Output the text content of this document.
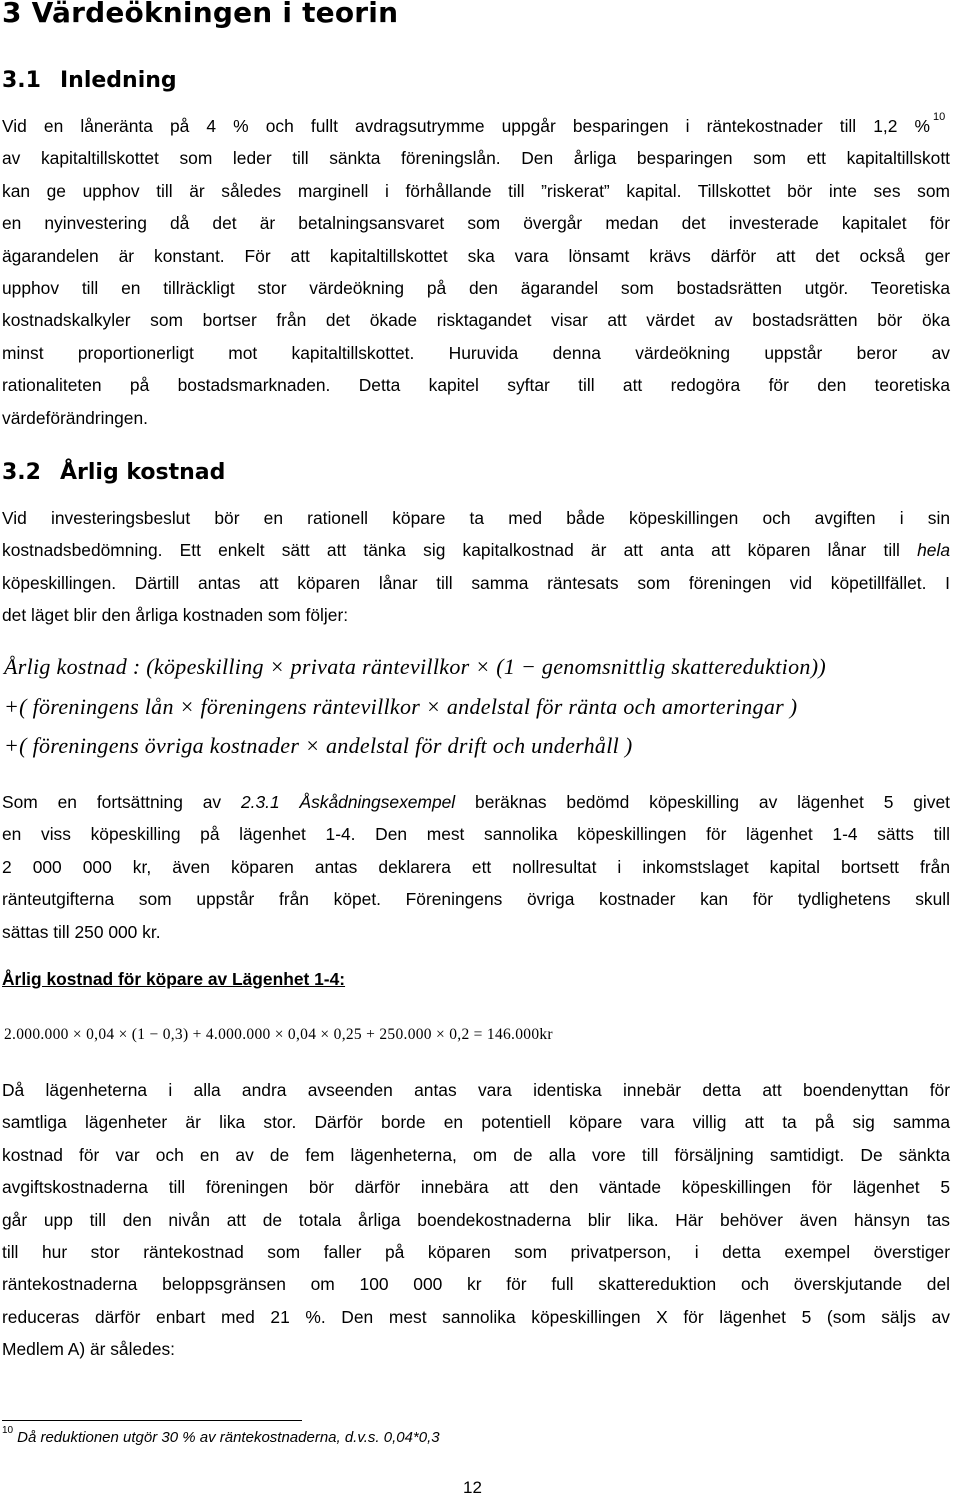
3 Värdeökningen i teorin
3.1 Inledning
Vid en låneränta på 4 % och fullt avdragsutrymme uppgår besparingen i räntekostnader till 1,2 %
av kapitaltillskottet som leder till sänkta föreningslån. Den årliga besparingen som ett kapitaltillskott
kan ge upphov till är således marginell i förhållande till ”riskerat” kapital. Tillskottet bör inte ses som
en nyinvestering då det är betalningsansvaret som övergår medan det investerade kapitalet för
ägarandelen är konstant. För att kapitaltillskottet ska vara lönsamt krävs därför att det också ger
upphov till en tillräckligt stor värdeökning på den ägarandel som bostadsrätten utgör. Teoretiska
kostnadskalkyler som bortser från det ökade risktagandet visar att värdet av bostadsrätten bör öka
minst proportionerligt mot kapitaltillskottet. Huruvida denna värdeökning uppstår beror av
rationaliteten på bostadsmarknaden. Detta kapitel syftar till att redogöra för den teoretiska
värdeförändringen.
10
3.2 Årlig kostnad
Vid investeringsbeslut bör en rationell köpare ta med både köpeskillingen och avgiften i sin
kostnadsbedömning. Ett enkelt sätt att tänka sig kapitalkostnad är att anta att köparen lånar till hela
köpeskillingen. Därtill antas att köparen lånar till samma räntesats som föreningen vid köpetillfället. I
det läget blir den årliga kostnaden som följer:
Årlig kostnad : (köpeskilling × privata räntevillkor × (1 − genomsnittlig skattereduktion))
+( föreningens lån × föreningens räntevillkor × andelstal för ränta och amorteringar )
+( föreningens övriga kostnader × andelstal för drift och underhåll )
Som en fortsättning av 2.3.1 Åskådningsexempel beräknas bedömd köpeskilling av lägenhet 5 givet
en viss köpeskilling på lägenhet 1-4. Den mest sannolika köpeskillingen för lägenhet 1-4 sätts till
2 000 000 kr, även köparen antas deklarera ett nollresultat i inkomstslaget kapital bortsett från
ränteutgifterna som uppstår från köpet. Föreningens övriga kostnader kan för tydlighetens skull
sättas till 250 000 kr.
Årlig kostnad för köpare av Lägenhet 1-4:
2.000.000 × 0,04 × (1 − 0,3) + 4.000.000 × 0,04 × 0,25 + 250.000 × 0,2 = 146.000kr
Då lägenheterna i alla andra avseenden antas vara identiska innebär detta att boendenyttan för
samtliga lägenheter är lika stor. Därför borde en potentiell köpare vara villig att ta på sig samma
kostnad för var och en av de fem lägenheterna, om de alla vore till försäljning samtidigt. De sänkta
avgiftskostnaderna till föreningen bör därför innebära att den väntade köpeskillingen för lägenhet 5
går upp till den nivån att de totala årliga boendekostnaderna blir lika. Här behöver även hänsyn tas
till hur stor räntekostnad som faller på köparen som privatperson, i detta exempel överstiger
räntekostnaderna beloppsgränsen om 100 000 kr för full skattereduktion och överskjutande del
reduceras därför enbart med 21 %. Den mest sannolika köpeskillingen X för lägenhet 5 (som säljs av
Medlem A) är således:
$^{10}$ Då reduktionen utgör 30 % av räntekostnaderna, d.v.s. 0,04*0,3
12
